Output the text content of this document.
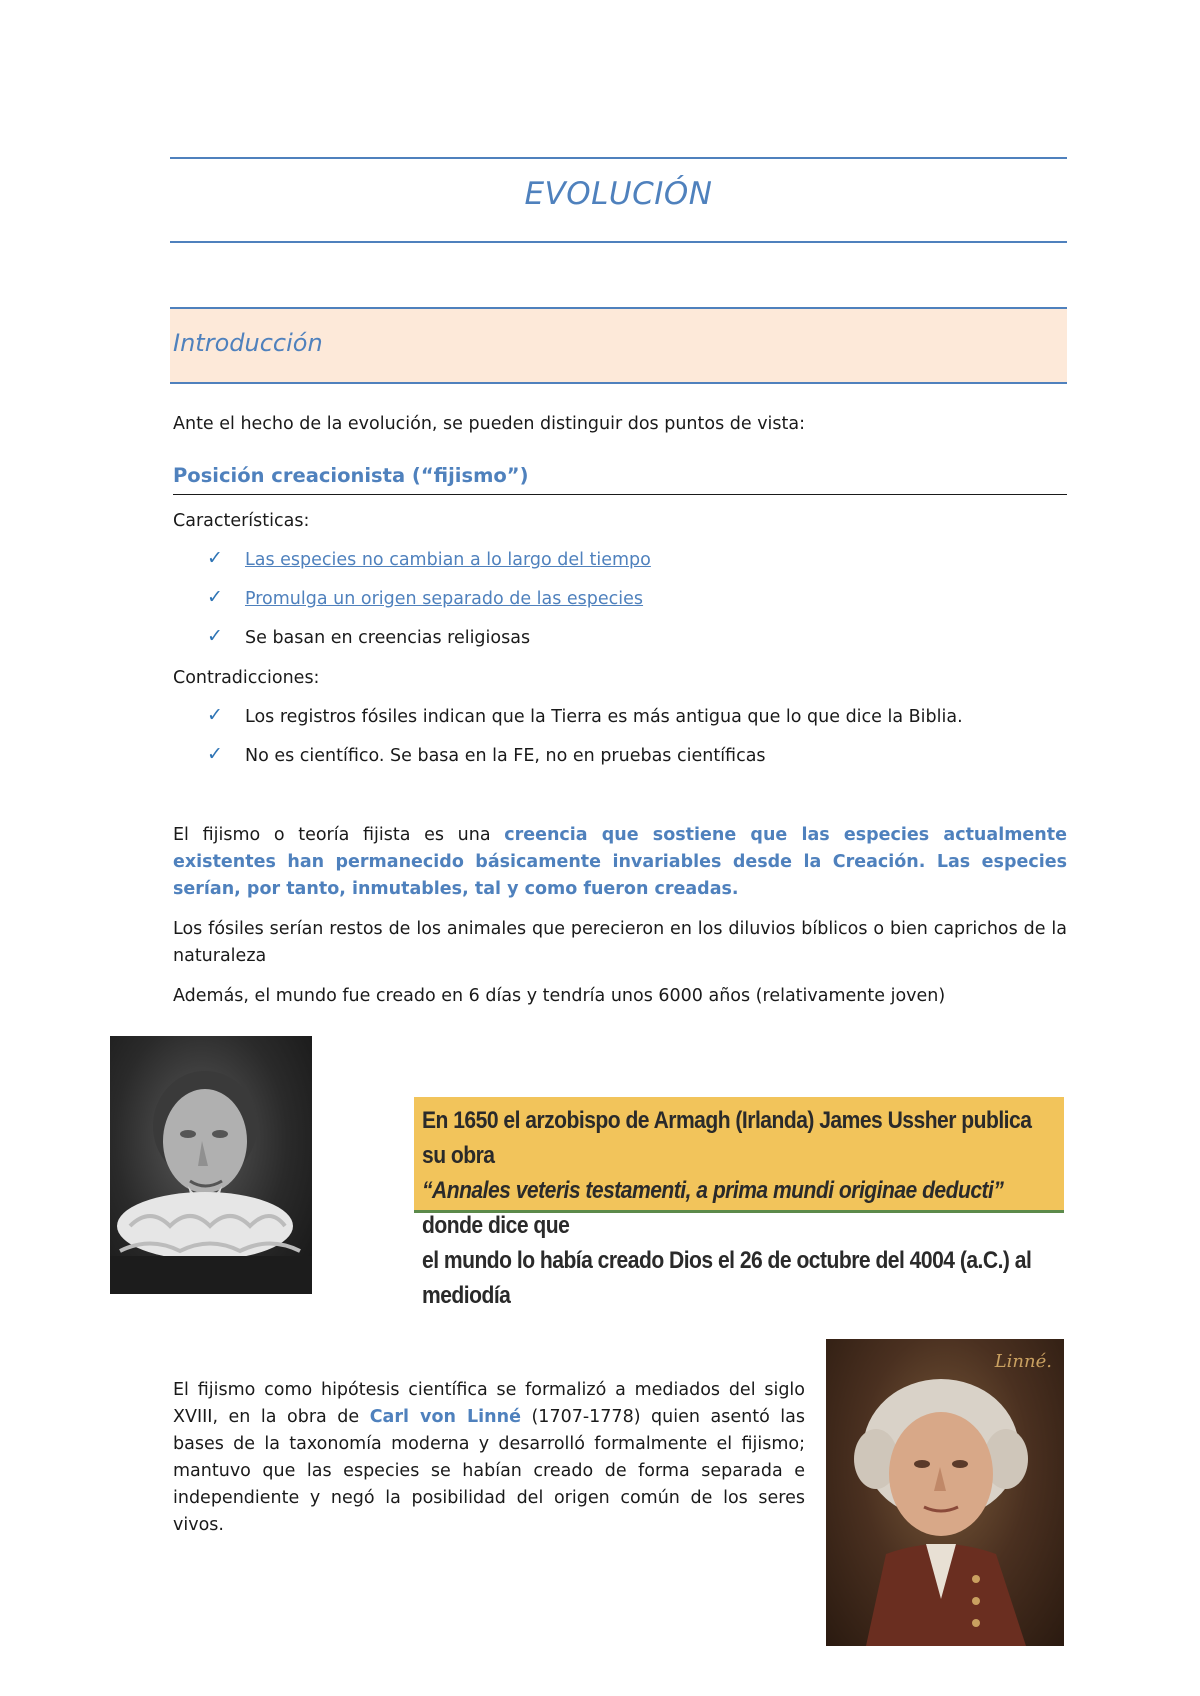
EVOLUCIÓN
Introducción
Ante el hecho de la evolución, se pueden distinguir dos puntos de vista:
Posición creacionista (“fijismo”)
Características:
✓ Las especies no cambian a lo largo del tiempo
✓ Promulga un origen separado de las especies
✓ Se basan en creencias religiosas
Contradicciones:
✓ Los registros fósiles indican que la Tierra es más antigua que lo que dice la Biblia.
✓ No es científico. Se basa en la FE, no en pruebas científicas
El fijismo o teoría fijista es una creencia que sostiene que las especies actualmente existentes han permanecido básicamente invariables desde la Creación. Las especies serían, por tanto, inmutables, tal y como fueron creadas.
Los fósiles serían restos de los animales que perecieron en los diluvios bíblicos o bien caprichos de la naturaleza
Además, el mundo fue creado en 6 días y tendría unos 6000 años (relativamente joven)
En 1650 el arzobispo de Armagh (Irlanda) James Ussher publica su obra
“Annales veteris testamenti, a prima mundi originae deducti” donde dice que
el mundo lo había creado Dios el 26 de octubre del 4004 (a.C.) al mediodía
El fijismo como hipótesis científica se formalizó a mediados del siglo XVIII, en la obra de Carl von Linné (1707-1778) quien asentó las bases de la taxonomía moderna y desarrolló formalmente el fijismo; mantuvo que las especies se habían creado de forma separada e independiente y negó la posibilidad del origen común de los seres vivos.
Linné.
